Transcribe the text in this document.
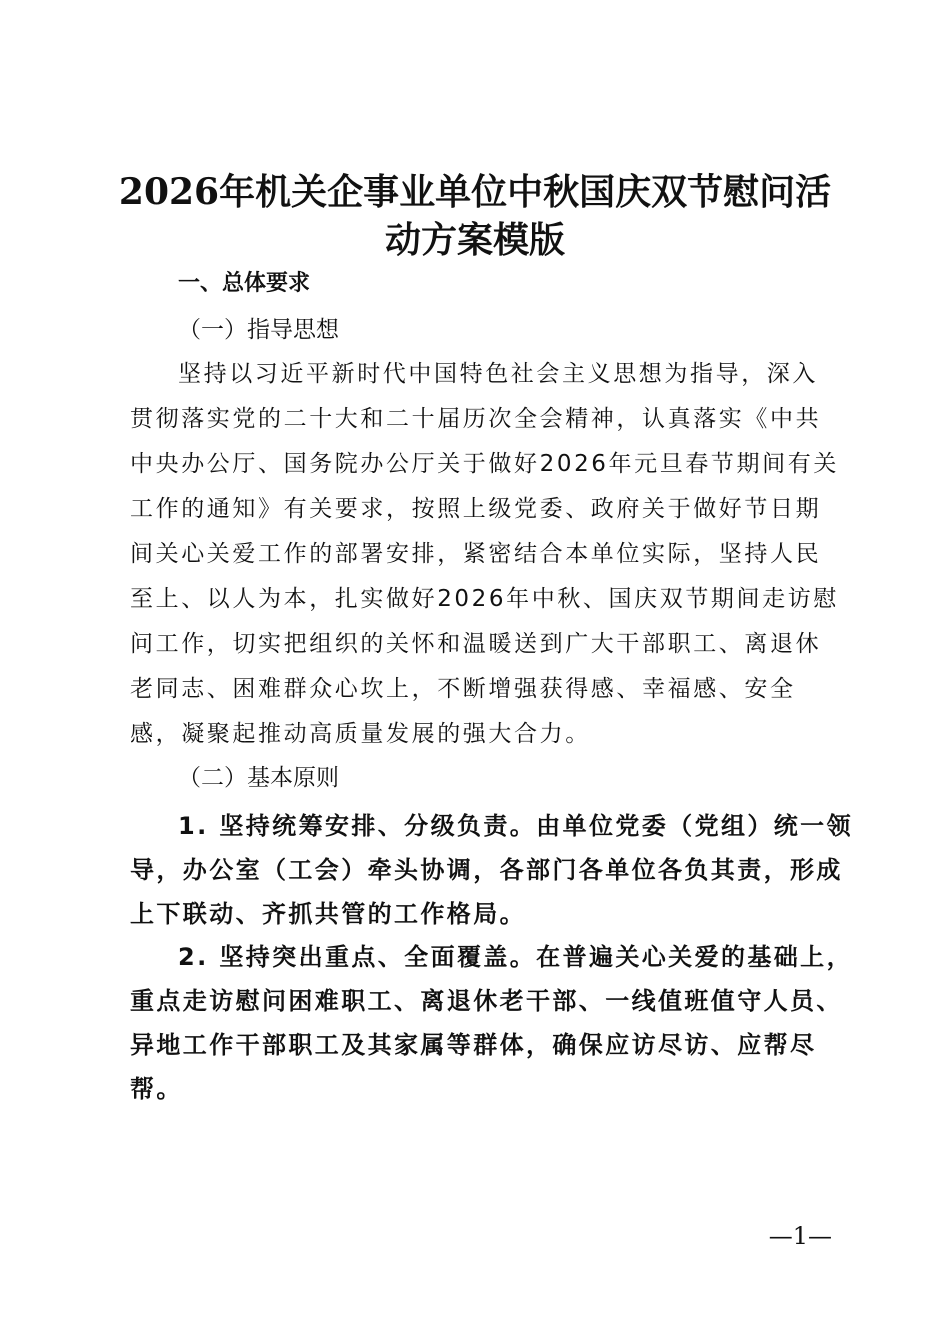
2026年机关企事业单位中秋国庆双节慰问活
动方案模版
一、总体要求
（一）指导思想
坚持以习近平新时代中国特色社会主义思想为指导，深入
贯彻落实党的二十大和二十届历次全会精神，认真落实《中共
中央办公厅、国务院办公厅关于做好2026年元旦春节期间有关
工作的通知》有关要求，按照上级党委、政府关于做好节日期
间关心关爱工作的部署安排，紧密结合本单位实际，坚持人民
至上、以人为本，扎实做好2026年中秋、国庆双节期间走访慰
问工作，切实把组织的关怀和温暖送到广大干部职工、离退休
老同志、困难群众心坎上，不断增强获得感、幸福感、安全
感，凝聚起推动高质量发展的强大合力。
（二）基本原则
1. 坚持统筹安排、分级负责。由单位党委（党组）统一领
导，办公室（工会）牵头协调，各部门各单位各负其责，形成
上下联动、齐抓共管的工作格局。
2. 坚持突出重点、全面覆盖。在普遍关心关爱的基础上，
重点走访慰问困难职工、离退休老干部、一线值班值守人员、
异地工作干部职工及其家属等群体，确保应访尽访、应帮尽
帮。
—1—
